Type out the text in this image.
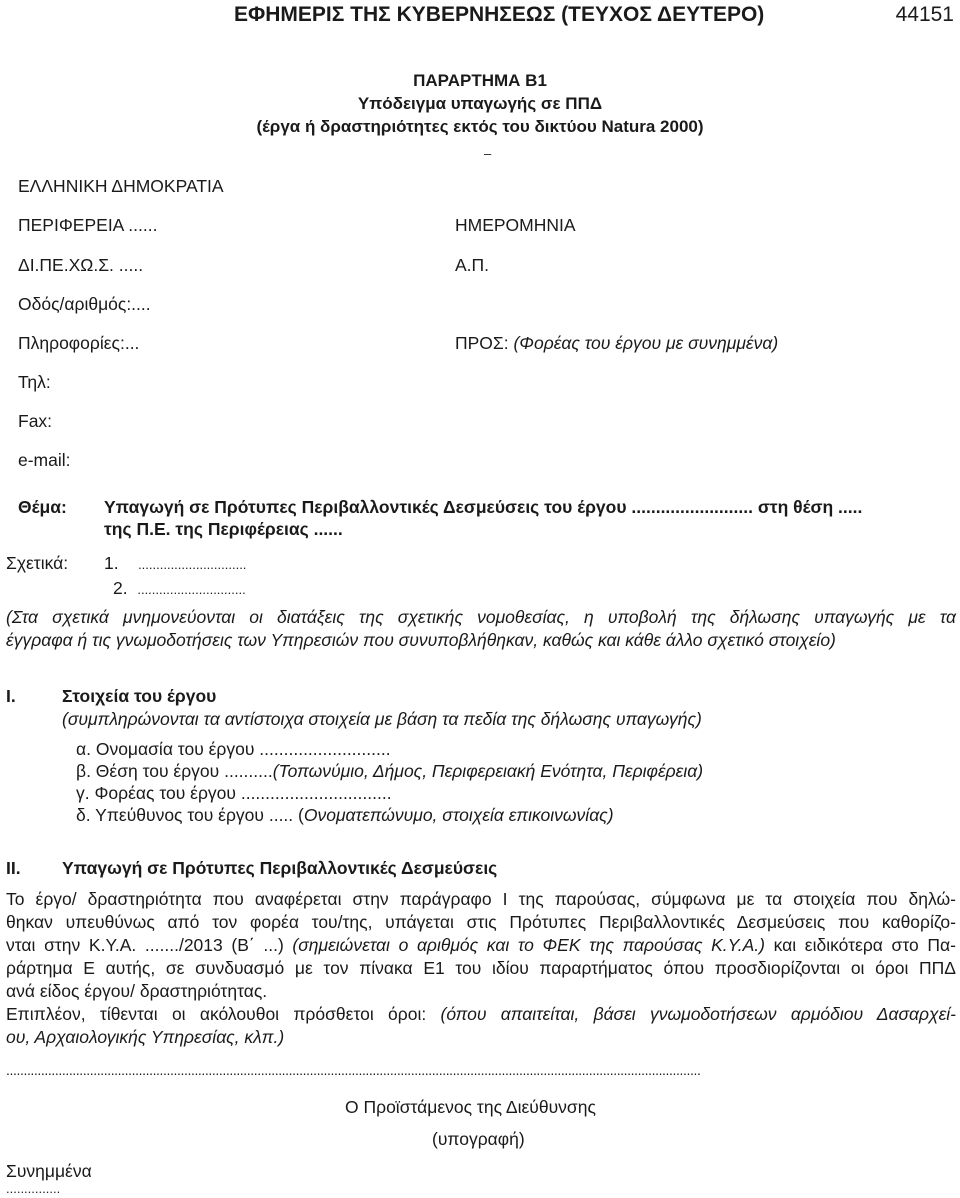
ΕΦΗΜΕΡΙΣ ΤΗΣ ΚΥΒΕΡΝΗΣΕΩΣ (ΤΕΥΧΟΣ ΔΕΥΤΕΡΟ)	44151
ΠΑΡΑΡΤΗΜΑ Β1
Υπόδειγμα υπαγωγής σε ΠΠΔ
(έργα ή δραστηριότητες εκτός του δικτύου Natura 2000)
–
ΕΛΛΗΝΙΚΗ ΔΗΜΟΚΡΑΤΙΑ
ΠΕΡΙΦΕΡΕΙΑ ......
ΔΙ.ΠΕ.ΧΩ.Σ. .....
Οδός/αριθμός:....
Πληροφορίες:...
Τηλ:
Fax:
e-mail:
ΗΜΕΡΟΜΗΝΙΑ
Α.Π.
ΠΡΟΣ: (Φορέας του έργου με συνημμένα)
Θέμα: Υπαγωγή σε Πρότυπες Περιβαλλοντικές Δεσμεύσεις του έργου ......................... στη θέση .....
της Π.Ε. της Περιφέρειας ......
Σχετικά: 1. ..............................
2. ..............................
(Στα σχετικά μνημονεύονται οι διατάξεις της σχετικής νομοθεσίας, η υποβολή της δήλωσης υπαγωγής με τα
έγγραφα ή τις γνωμοδοτήσεις των Υπηρεσιών που συνυποβλήθηκαν, καθώς και κάθε άλλο σχετικό στοιχείο)
Ι.	Στοιχεία του έργου
(συμπληρώνονται τα αντίστοιχα στοιχεία με βάση τα πεδία της δήλωσης υπαγωγής)
α. Ονομασία του έργου ...........................
β. Θέση του έργου ..........(Τοπωνύμιο, Δήμος, Περιφερειακή Ενότητα, Περιφέρεια)
γ. Φορέας του έργου ...............................
δ. Υπεύθυνος του έργου ..... (Ονοματεπώνυμο, στοιχεία επικοινωνίας)
ΙΙ. Υπαγωγή σε Πρότυπες Περιβαλλοντικές Δεσμεύσεις
Το έργο/ δραστηριότητα που αναφέρεται στην παράγραφο Ι της παρούσας, σύμφωνα με τα στοιχεία που δηλώ-
θηκαν υπευθύνως από τον φορέα του/της, υπάγεται στις Πρότυπες Περιβαλλοντικές Δεσμεύσεις που καθορίζο-
νται στην Κ.Υ.Α. ......./2013 (Β΄ ...) (σημειώνεται ο αριθμός και το ΦΕΚ της παρούσας Κ.Υ.Α.) και ειδικότερα στο Πα-
ράρτημα Ε αυτής, σε συνδυασμό με τον πίνακα Ε1 του ιδίου παραρτήματος όπου προσδιορίζονται οι όροι ΠΠΔ
ανά είδος έργου/ δραστηριότητας.
Επιπλέον, τίθενται οι ακόλουθοι πρόσθετοι όροι: (όπου απαιτείται, βάσει γνωμοδοτήσεων αρμόδιου Δασαρχεί-
ου, Αρχαιολογικής Υπηρεσίας, κλπ.)
.......................................................................................................................................................................................................
Ο Προϊστάμενος της Διεύθυνσης
(υπογραφή)
Συνημμένα
...............
